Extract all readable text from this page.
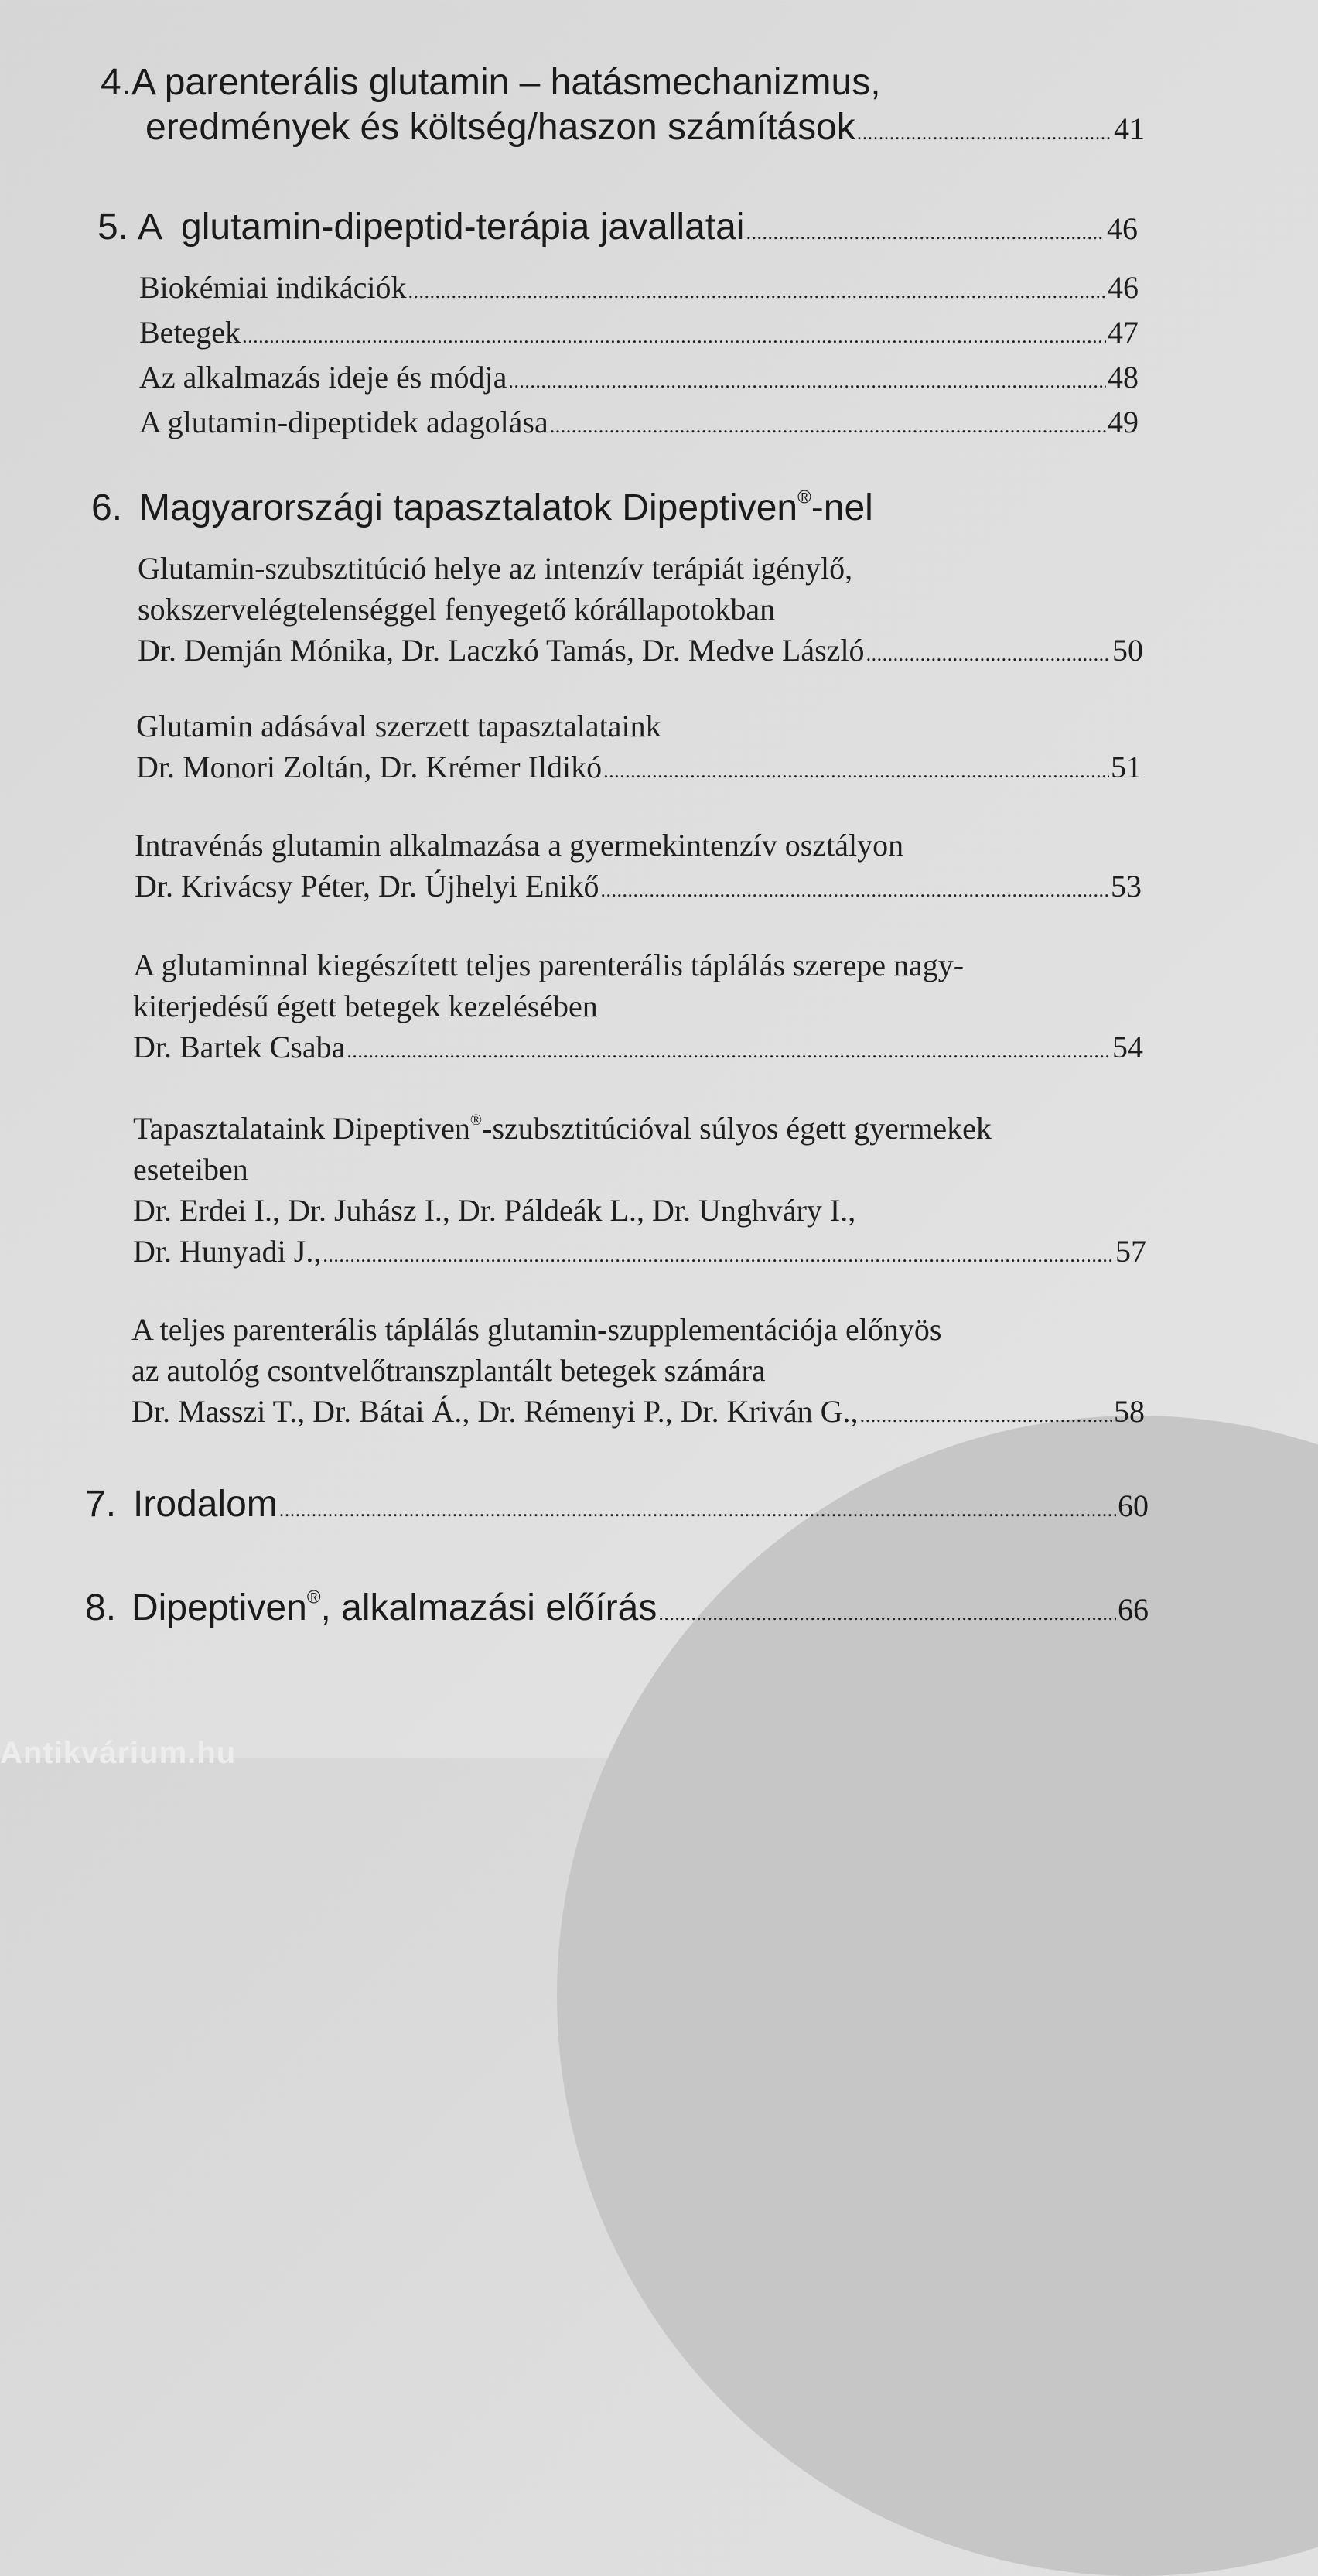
4. A parenterális glutamin – hatásmechanizmus,
eredmények és költség/haszon számítások . . .	41
5. A  glutamin-dipeptid-terápia javallatai . . .	46
Biokémiai indikációk . . .	46
Betegek . . .	47
Az alkalmazás ideje és módja . . .	48
A glutamin-dipeptidek adagolása . . .	49
6. Magyarországi tapasztalatok Dipeptiven®-nel
Glutamin-szubsztitúció helye az intenzív terápiát igénylő,
sokszervelégtelenséggel fenyegető kórállapotokban
Dr. Demján Mónika, Dr. Laczkó Tamás, Dr. Medve László . . .	50
Glutamin adásával szerzett tapasztalataink
Dr. Monori Zoltán, Dr. Krémer Ildikó . . .	51
Intravénás glutamin alkalmazása a gyermekintenzív osztályon
Dr. Krivácsy Péter, Dr. Újhelyi Enikő . . .	53
A glutaminnal kiegészített teljes parenterális táplálás szerepe nagy-
kiterjedésű égett betegek kezelésében
Dr. Bartek Csaba . . .	54
Tapasztalataink Dipeptiven®-szubsztitúcióval súlyos égett gyermekek
eseteiben
Dr. Erdei I., Dr. Juhász I., Dr. Páldeák L., Dr. Unghváry I.,
Dr. Hunyadi J., . . .	57
A teljes parenterális táplálás glutamin-szupplementációja előnyös
az autológ csontvelőtranszplantált betegek számára
Dr. Masszi T., Dr. Bátai Á., Dr. Rémenyi P., Dr. Kriván G., . . .	58
7. Irodalom . . .	60
8. Dipeptiven®, alkalmazási előírás . . .	66
Antikvárium.hu
